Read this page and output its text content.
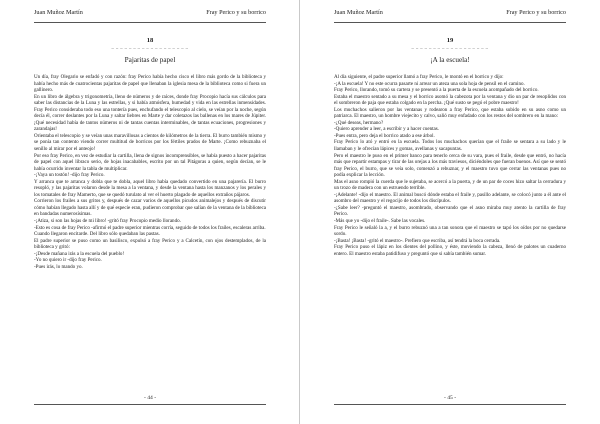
Juan Muñoz Martín	Fray Perico y su borrico
18
~ ~ ~ ~ ~ ~ ~ ~ ~ ~ ~ ~ ~ ~ ~ ~ ~ ~
Pajaritas de papel

Un día, fray Olegario se enfadó y con razón: fray Perico había hecho cisco el libro más gordo de la biblioteca y había hecho más de cuatrocientas pajaritas de papel que llenaban la iglesia mesa de la biblioteca como si fuera un gallinero.

En un libro de álgebra y trigonometría, lleno de números y de raíces, donde fray Procopio hacía sus cálculos para saber las distancias de la Luna y las estrellas, y si había atmósfera, humedad y vida en las estrellas inmensidades. Fray Perico consideraba todo eso una tontería pues, enchufando el telescopio al cielo, se veían por la noche, según decía él, correr deslantes por la Luna y saltar liebres en Marte y dar coletazos las ballenas en los mares de Júpiter. ¡Qué necesidad había de tantos números ni de tantas cuentas interminables, de tantas ecuaciones, progresiones y zarandajas!

Orientaba el telescopio y se veían unas maravillosas a cientos de kilómetros de la tierra. El burro también mismo y se ponía tan contento viendo correr multitud de borricos por los fértiles prados de Marte. ¡Como rebuznaba el senillo al mirar por el anteojo!

Por eso fray Perico, en vez de estudiar la cartilla, llena de signos incomprensibles, se había puesto a hacer pajaritas de papel con aquel libraco serio, de hojas inacabables, escrito por un tal Pitágoras a quien, según decían, se le había ocurrido inventar la tabla de multiplicar.

-¡Vaya un tostón! -dijo fray Perico.

Y arranca que te arranca y dobla que te dobla, aquel libro había quedado convertido en una pajarería. El burro resopló, y las pajaritas volaron desde la mesa a la ventana, y desde la ventana hasta los manzanos y los perales y los tomatales de fray Mamerto, que se quedó turulato al ver el huerto plagado de aquellos extraños pájaros.

Corrieron los frailes a sus gritos y, después de cazar varios de aquellos picudos animalejos y después de discutir cómo habían llegado hasta allí y de qué especie eran, pudieron comprobar que salían de la ventana de la biblioteca en bandadas numerosísimas.

-¡Atiza, si son las hojas de mi libro! -gritó fray Procopio medio llorando.

-Esto es cosa de fray Perico -afirmó el padre superior mientras corría, seguido de todos los frailes, escaleras arriba.

Cuando llegaron encitarde. Del libro sólo quedaban las pastas.

El padre superior se puso como un basilisco, expulsó a fray Perico y a Calcetín, con ojos destemplados, de la biblioteca y gritó:

-¡Desde mañana irás a la escuela del pueblo!

-Yo no quiero ir -dijo fray Perico.

-Pues irás, lo mando yo.

- 44 -
Juan Muñoz Martín	Fray Perico y su borrico
19
~ ~ ~ ~ ~ ~ ~ ~ ~ ~ ~ ~ ~ ~ ~ ~ ~ ~
¡A la escuela!

Al día siguiente, el padre superior llamó a fray Perico, le montó en el borrico y dijo:

-¡A la escuela! Y no este ocurra pasarte ni arrear un ateza una sola hoja de pensil en el camino.

Fray Perico, llorando, tomó su cartera y se presentó a la puerta de la escuela acompañado del borrico.

Estaba el maestro sentado a su mesa y el borrico asomó la cabezota por la ventana y dio un par de resoplidos con el sombreron de paja que estaba colgado en la percha. ¡Qué susto se pegó el pobre maestro!

Los muchachos salieron por las ventanas y rodearon a fray Perico, que estaba subido en su asno como un patriarca. El maestro, un hombre viejecito y calvo, salió muy enfadado con los restos del sombrero en la mano:

-¿Qué deseas, hermano?

-Quiero aprender a leer, a escribir y a hacer cuentas.

-Pues entra, pero deja el borrico atado a ese árbol.

Fray Perico lo ató y entró en la escuela. Todos los muchachos querían que el fraile se sentara a su lado y le llamaban y le ofrecían lápices y gomas, avellanas y sacapuntas.

Pero el maestro le puso en el primer banco para tenerlo cerca de su vara, pues el fraile, desde que entró, no hacía más que repartir estampas y tirar de las orejas a los más traviesos, diciéndoles que fueran buenos. Así que se sentó fray Perico, el burro, que se veía solo, comenzó a rebuznar, y el maestro tuvo que cerrar las ventanas pues no podía explicar la lección.

Mas el asno rompió la cuerda que le sujetaba, se acercó a la puerta, y de un par de coces hizo saltar la cerradura y un trozo de madera con un estruendo terrible.

-¡Adelante! -dijo el maestro. El animal buscó dónde estaba el fraile y, pasillo adelante, se colocó junto a él ante el asombro del maestro y el regocijo de todos los discípulos.

-¿Sabe leer? -preguntó el maestro, asombrado, observando que el asno miraba muy atento la cartilla de fray Perico.

-Más que yo -dijo el fraile-. Sabe las vocales.

Fray Perico le señaló la a, y el burro rebuznó una a tan sonora que el maestro se tapó los oídos por no quedarse sordo.

-¡Basta! ¡Basta! -gritó el maestro-. Prefiero que escriba, así tendrá la boca cerrada.

Fray Perico puso el lápiz en los dientes del pollino, y éste, moviendo la cabeza, llenó de palotes un cuaderno entero. El maestro estaba patidifuso y preguntó que si sabía también sumar.

- 45 -
